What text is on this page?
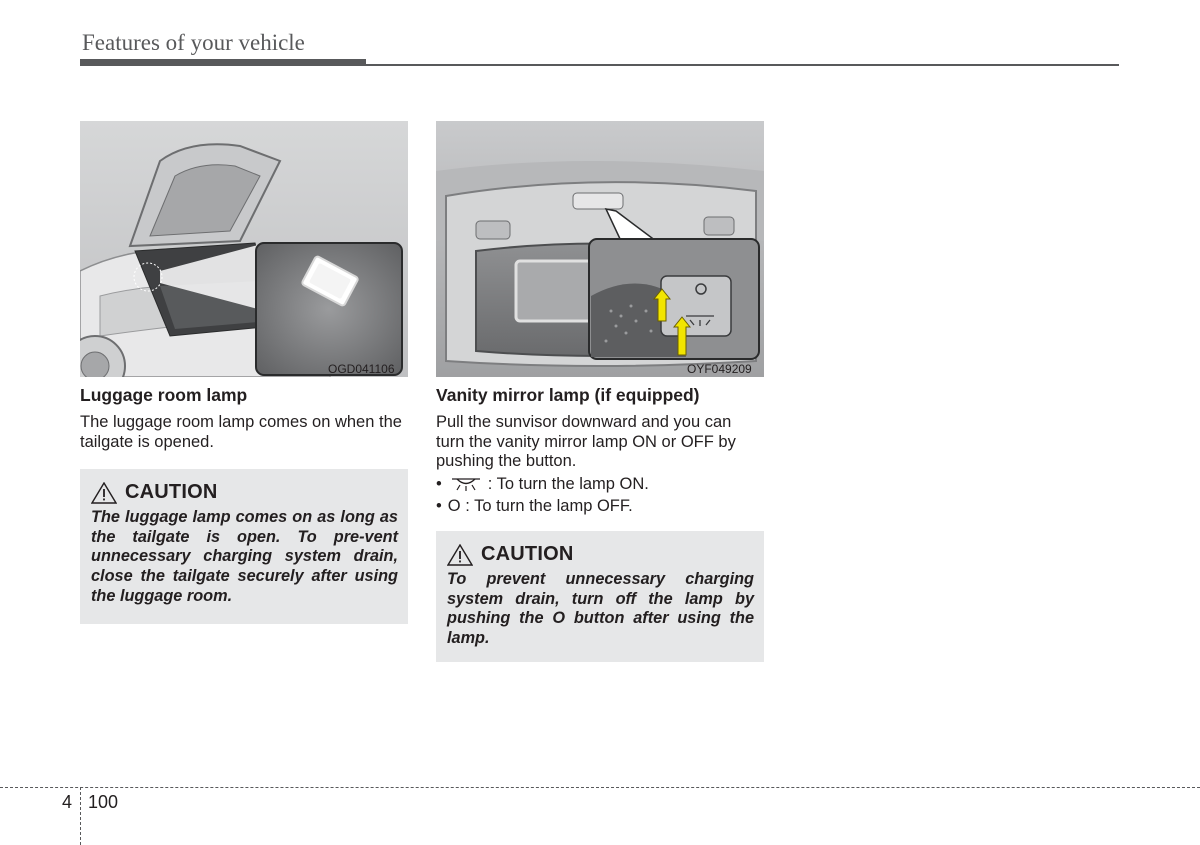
Features of your vehicle
OGD041106	OYF049209
Luggage room lamp

The luggage room lamp comes on when the tailgate is opened.

CAUTION

The luggage lamp comes on as long as the tailgate is open. To pre-vent unnecessary charging system drain, close the tailgate securely after using the luggage room.

Vanity mirror lamp (if equipped)

Pull the sunvisor downward and you can turn the vanity mirror lamp ON or OFF by pushing the button.

•	: To turn the lamp ON.
• O : To turn the lamp OFF.
CAUTION

To prevent unnecessary charging system drain, turn off the lamp by pushing the O button after using the lamp.

4 100
